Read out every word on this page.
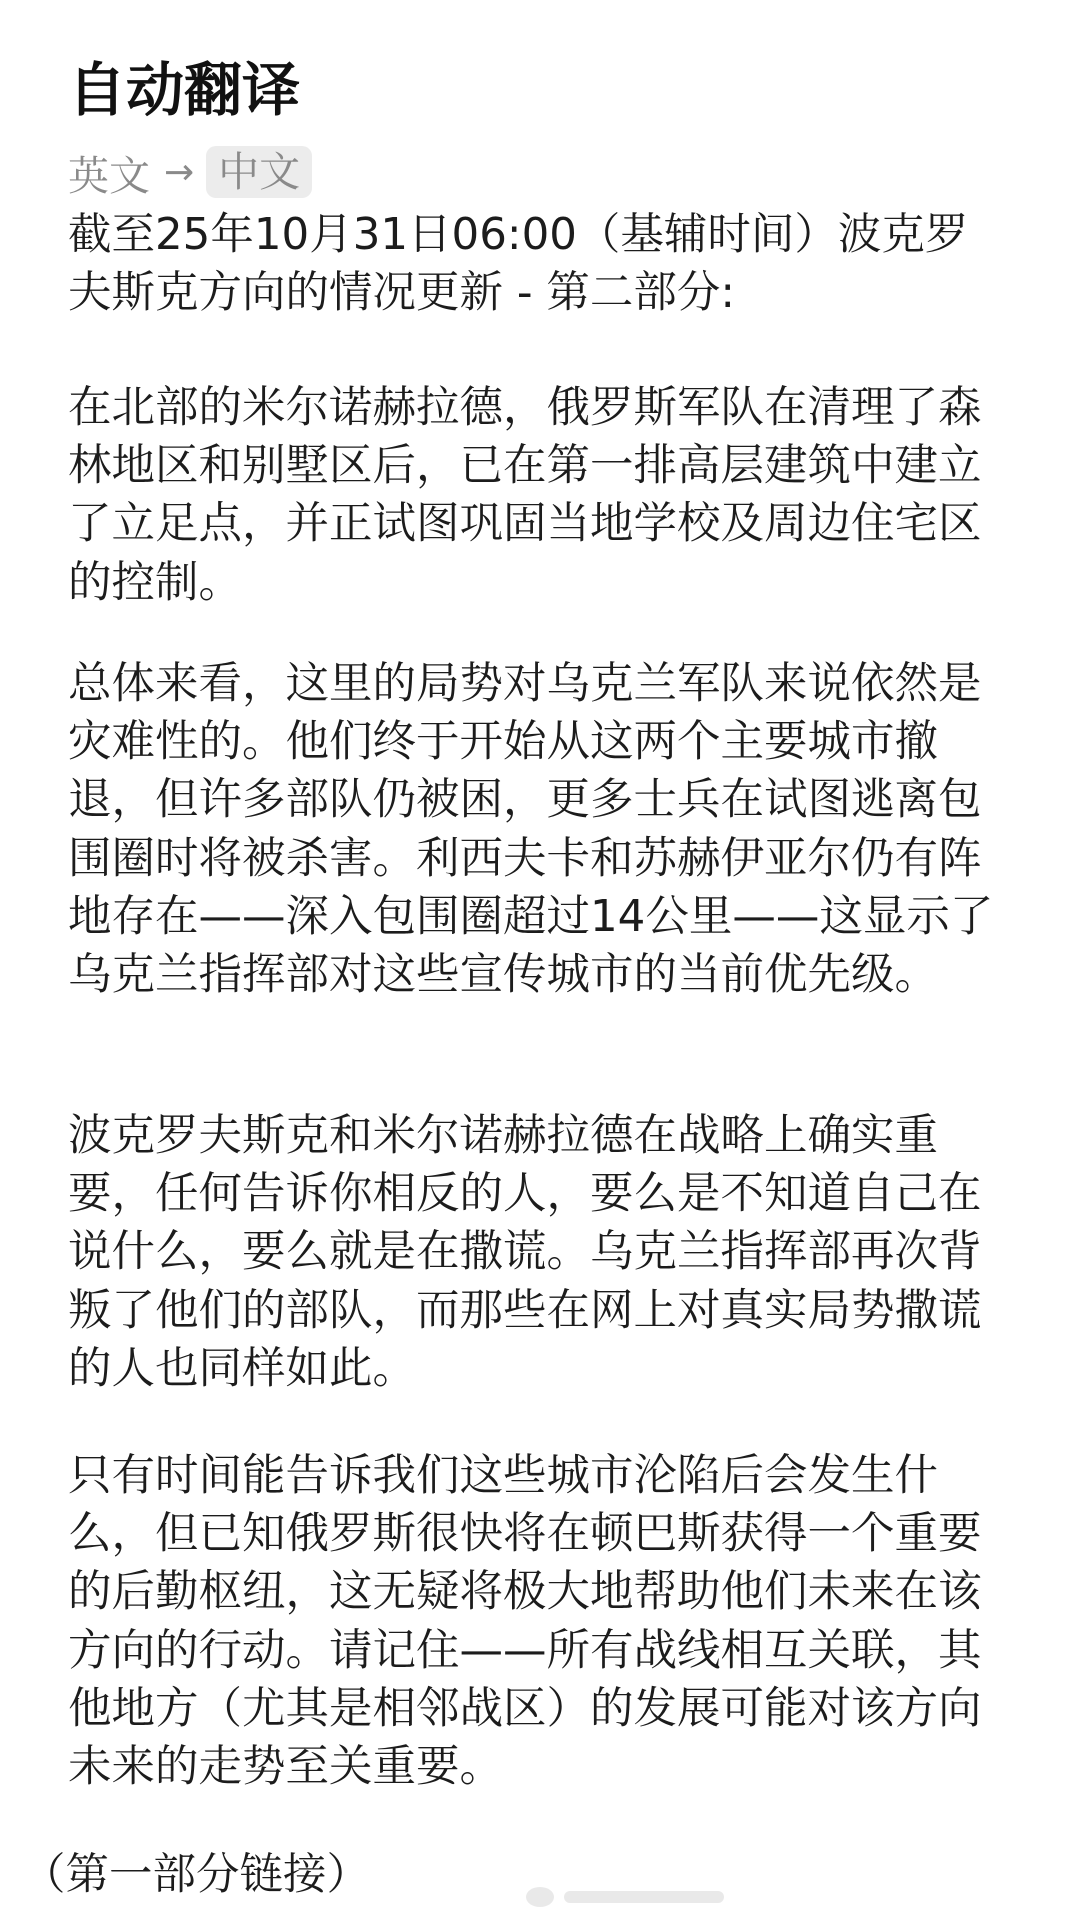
自动翻译
英文 → 中文

截至25年10月31日06:00（基辅时间）波克罗夫斯克方向的情况更新 - 第二部分:

在北部的米尔诺赫拉德，俄罗斯军队在清理了森林地区和别墅区后，已在第一排高层建筑中建立了立足点，并正试图巩固当地学校及周边住宅区的控制。

总体来看，这里的局势对乌克兰军队来说依然是灾难性的。他们终于开始从这两个主要城市撤退，但许多部队仍被困，更多士兵在试图逃离包围圈时将被杀害。利西夫卡和苏赫伊亚尔仍有阵地存在——深入包围圈超过14公里——这显示了乌克兰指挥部对这些宣传城市的当前优先级。

波克罗夫斯克和米尔诺赫拉德在战略上确实重要，任何告诉你相反的人，要么是不知道自己在说什么，要么就是在撒谎。乌克兰指挥部再次背叛了他们的部队，而那些在网上对真实局势撒谎的人也同样如此。

只有时间能告诉我们这些城市沦陷后会发生什么，但已知俄罗斯很快将在顿巴斯获得一个重要的后勤枢纽，这无疑将极大地帮助他们未来在该方向的行动。请记住——所有战线相互关联，其他地方（尤其是相邻战区）的发展可能对该方向未来的走势至关重要。

（第一部分链接）
